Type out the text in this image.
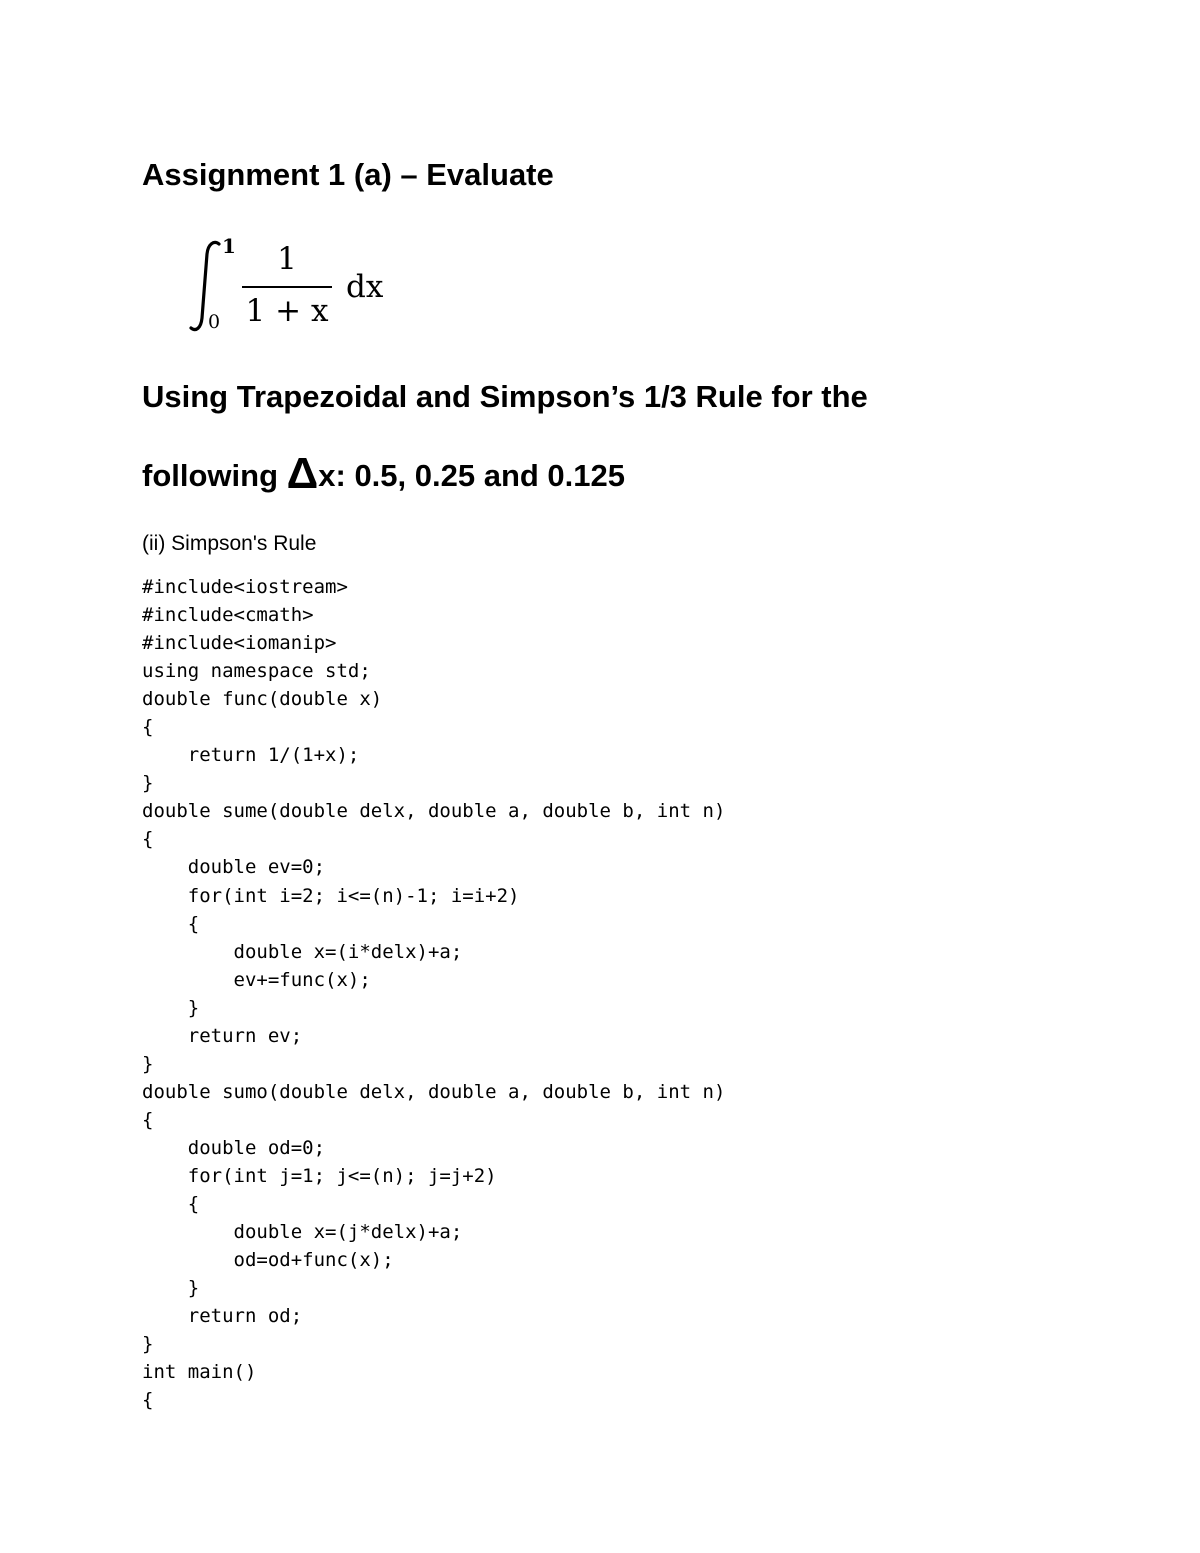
Assignment 1 (a) – Evaluate
1
0
1
1 + x
dx
Using Trapezoidal and Simpson’s 1/3 Rule for the
following Δx: 0.5, 0.25 and 0.125

(ii) Simpson's Rule

#include<iostream>
#include<cmath>
#include<iomanip>
using namespace std;
double func(double x)
{
return 1/(1+x);
}
double sume(double delx, double a, double b, int n)
{
double ev=0;
for(int i=2; i<=(n)-1; i=i+2)
{
double x=(i*delx)+a;
ev+=func(x);
}
return ev;
}
double sumo(double delx, double a, double b, int n)
{
double od=0;
for(int j=1; j<=(n); j=j+2)
{
double x=(j*delx)+a;
od=od+func(x);
}
return od;
}
int main()
{
